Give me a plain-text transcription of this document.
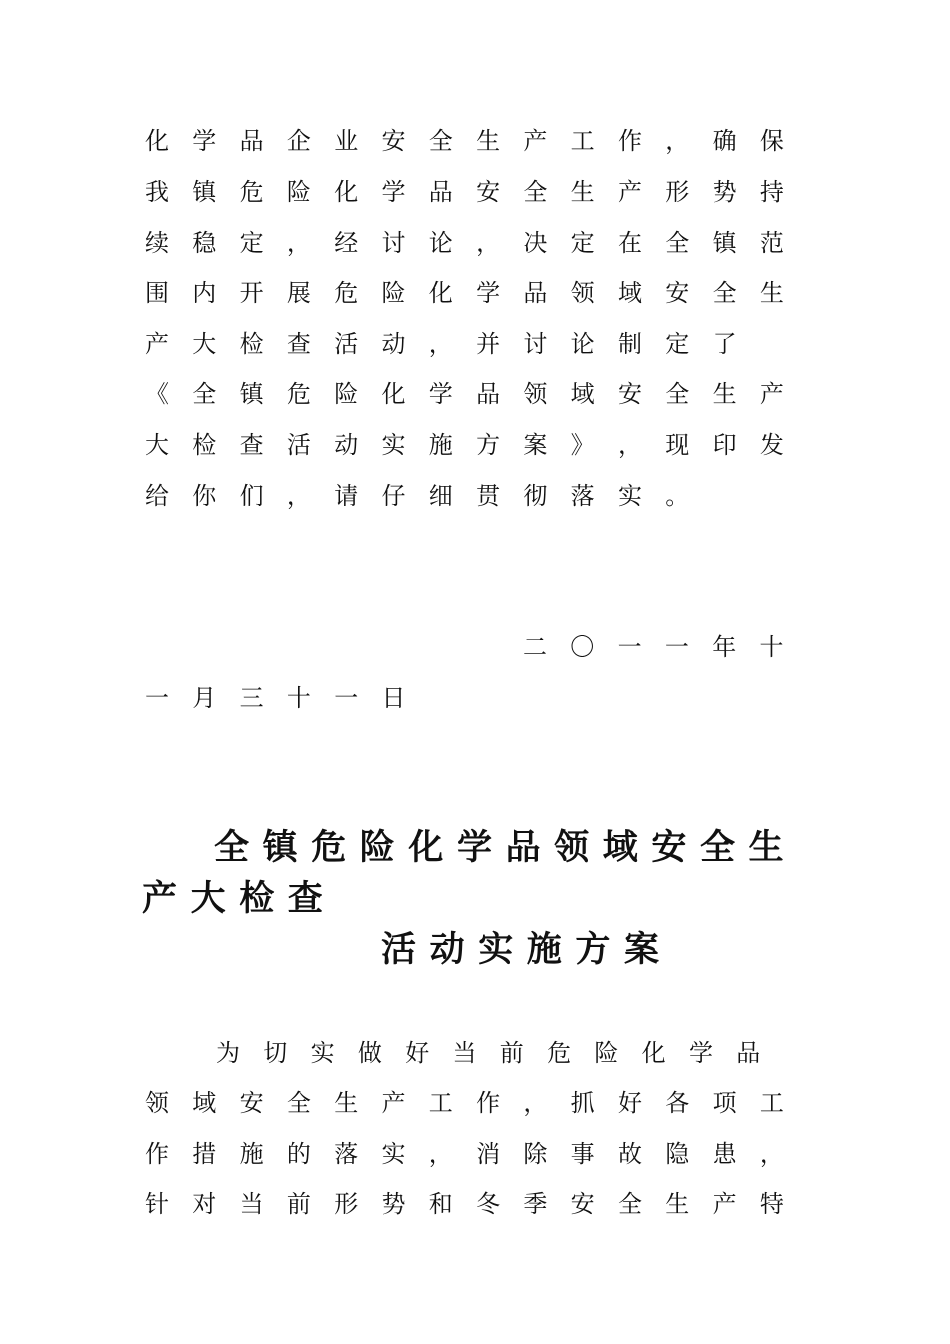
化 学 品 企 业 安 全 生 产 工 作 ， 确 保
我 镇 危 险 化 学 品 安 全 生 产 形 势 持
续 稳 定 ， 经 讨 论 ， 决 定 在 全 镇 范
围 内 开 展 危 险 化 学 品 领 域 安 全 生
产 大 检 查 活 动 ， 并 讨 论 制 定 了
《 全 镇 危 险 化 学 品 领 域 安 全 生 产
大 检 查 活 动 实 施 方 案 》 ， 现 印 发
给 你 们 ， 请 仔 细 贯 彻 落 实 。
二 〇 一 一 年 十
一 月 三 十 一 日
全 镇 危 险 化 学 品 领 域 安 全 生
产 大 检 查
活 动 实 施 方 案
为 切 实 做 好 当 前 危 险 化 学 品
领 域 安 全 生 产 工 作 ， 抓 好 各 项 工
作 措 施 的 落 实 ， 消 除 事 故 隐 患 ，
针 对 当 前 形 势 和 冬 季 安 全 生 产 特
